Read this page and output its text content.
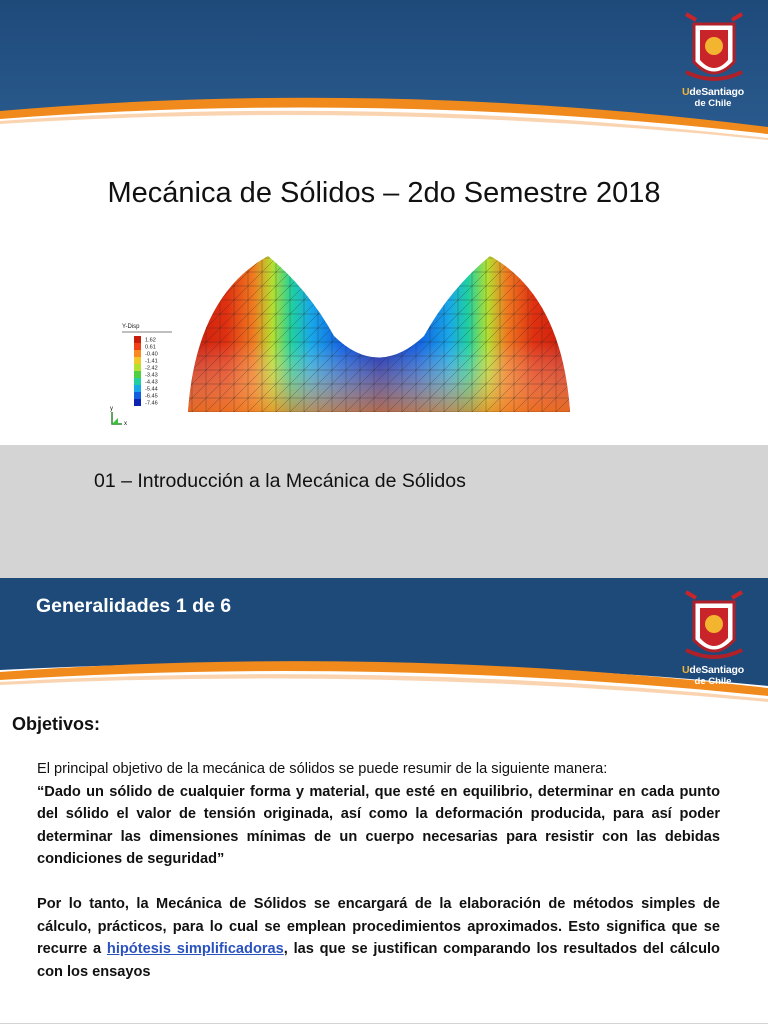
UdeSantiago
de Chile
Mecánica de Sólidos – 2do Semestre 2018
Y-Disp
1.62
0.61
-0.40
-1.41
-2.42
-3.43
-4.43
-5.44
-6.45
-7.46
y
x
01 – Introducción a la Mecánica de Sólidos
Generalidades 1 de 6
UdeSantiago
de Chile
Objetivos:

El principal objetivo de la mecánica de sólidos se puede resumir de la siguiente manera:

“Dado un sólido de cualquier forma y material, que esté en equilibrio, determinar en cada punto del sólido el valor de tensión originada, así como la deformación producida, para así poder determinar las dimensiones mínimas de un cuerpo necesarias para resistir con las debidas condiciones de seguridad”

Por lo tanto, la Mecánica de Sólidos se encargará de la elaboración de métodos simples de cálculo, prácticos, para lo cual se emplean procedimientos aproximados. Esto significa que se recurre a hipótesis simplificadoras, las que se justifican comparando los resultados del cálculo con los ensayos
